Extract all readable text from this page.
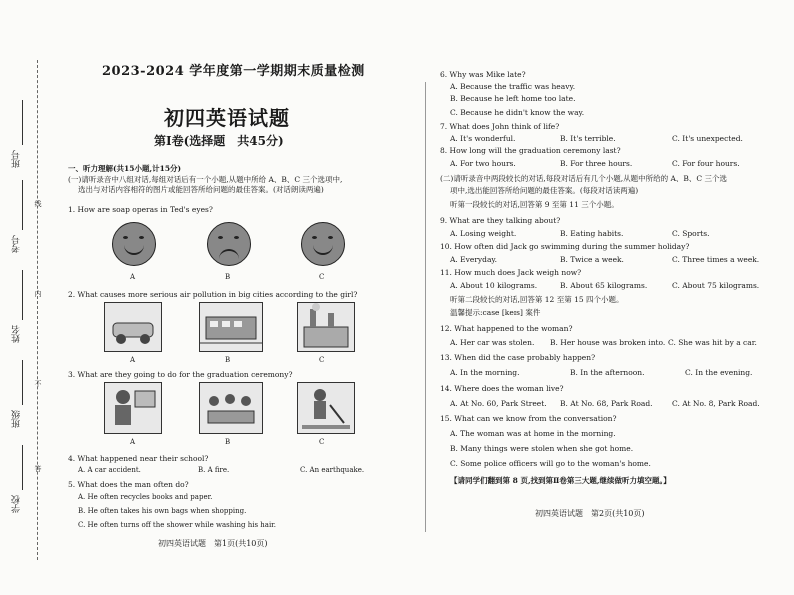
班号
考号
姓名
班级
学校
线
内
不
答
2023-2024 学年度第一学期期末质量检测
初四英语试题
第Ⅰ卷(选择题　共45分)
一、听力理解(共15小题,计15分)
(一)请听录音中八组对话,每组对话后有一个小题,从题中所给 A、B、C 三个选项中,
选出与对话内容相符的图片或能回答所给问题的最佳答案。(对话朗读两遍)
1. How are soap operas in Ted's eyes?
A	B	C
2. What causes more serious air pollution in big cities according to the girl?
A	B	C
3. What are they going to do for the graduation ceremony?
A	B	C
4. What happened near their school?
A. A car accident.	B. A fire.	C. An earthquake.
5. What does the man often do?
A. He often recycles books and paper.
B. He often takes his own bags when shopping.
C. He often turns off the shower while washing his hair.
初四英语试题　第1页(共10页)
6. Why was Mike late?
A. Because the traffic was heavy.
B. Because he left home too late.
C. Because he didn't know the way.
7. What does John think of life?
A. It's wonderful.	B. It's terrible.	C. It's unexpected.
8. How long will the graduation ceremony last?
A. For two hours.	B. For three hours.	C. For four hours.
(二)请听录音中两段较长的对话,每段对话后有几个小题,从题中所给的 A、B、C 三个选
项中,选出能回答所给问题的最佳答案。(每段对话读两遍)
听第一段较长的对话,回答第 9 至第 11 三个小题。
9. What are they talking about?
A. Losing weight.	B. Eating habits.	C. Sports.
10. How often did Jack go swimming during the summer holiday?
A. Everyday.	B. Twice a week.	C. Three times a week.
11. How much does Jack weigh now?
A. About 10 kilograms.	B. About 65 kilograms.	C. About 75 kilograms.
听第二段较长的对话,回答第 12 至第 15 四个小题。
温馨提示:case [keɪs] 案件
12. What happened to the woman?
A. Her car was stolen. B. Her house was broken into. C. She was hit by a car.
13. When did the case probably happen?
A. In the morning.	B. In the afternoon.	C. In the evening.
14. Where does the woman live?
A. At No. 60, Park Street. B. At No. 68, Park Road.	C. At No. 8, Park Road.
15. What can we know from the conversation?
A. The woman was at home in the morning.
B. Many things were stolen when she got home.
C. Some police officers will go to the woman's home.
【请同学们翻到第 8 页,找到第Ⅱ卷第三大题,继续做听力填空题。】
初四英语试题　第2页(共10页)
